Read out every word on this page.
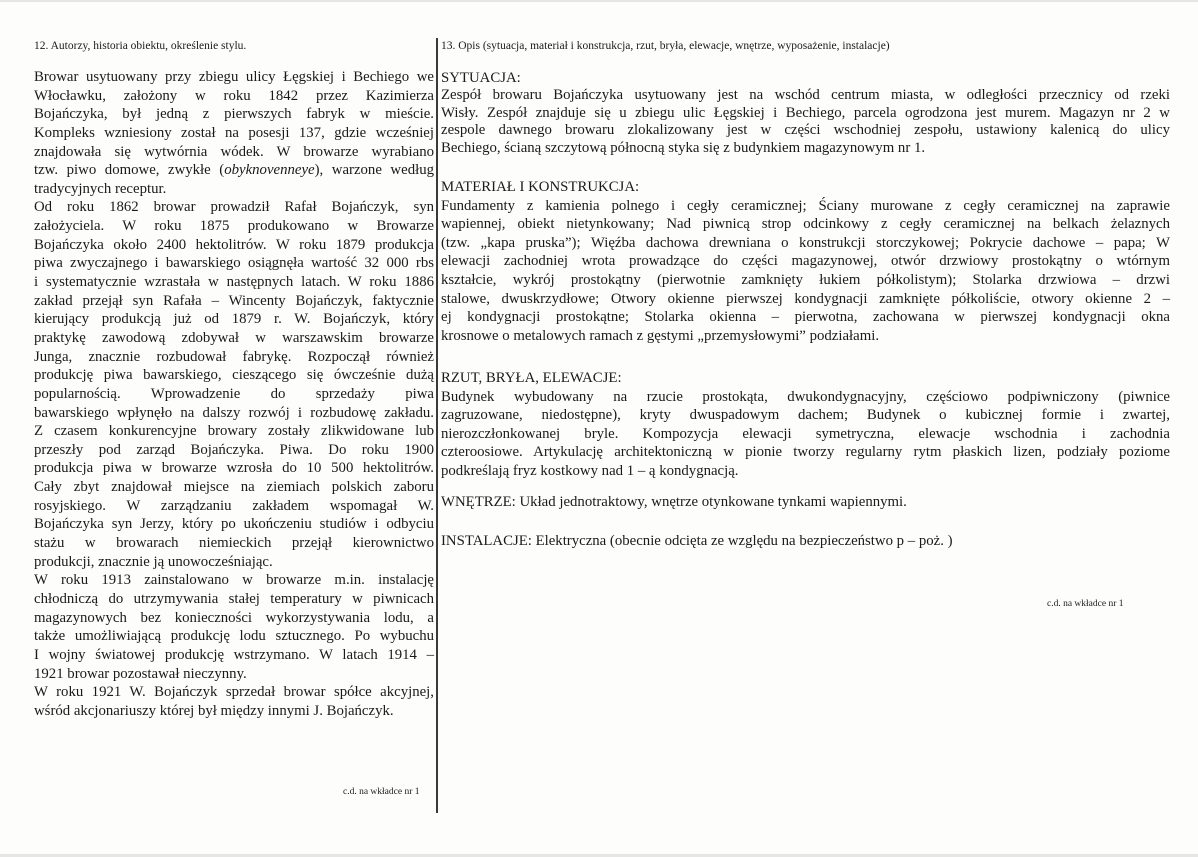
12. Autorzy, historia obiektu, określenie stylu.	13. Opis (sytuacja, materiał i konstrukcja, rzut, bryła, elewacje, wnętrze, wyposażenie, instalacje)
Browar usytuowany przy zbiegu ulicy Łęgskiej i Bechiego we
Włocławku, założony w roku 1842 przez Kazimierza
Bojańczyka, był jedną z pierwszych fabryk w mieście.
Kompleks wzniesiony został na posesji 137, gdzie wcześniej
znajdowała się wytwórnia wódek. W browarze wyrabiano
tzw. piwo domowe, zwykłe (obyknovenneye), warzone według
tradycyjnych receptur.
Od roku 1862 browar prowadził Rafał Bojańczyk, syn
założyciela. W roku 1875 produkowano w Browarze
Bojańczyka około 2400 hektolitrów. W roku 1879 produkcja
piwa zwyczajnego i bawarskiego osiągnęła wartość 32 000 rbs
i systematycznie wzrastała w następnych latach. W roku 1886
zakład przejął syn Rafała – Wincenty Bojańczyk, faktycznie
kierujący produkcją już od 1879 r. W. Bojańczyk, który
praktykę zawodową zdobywał w warszawskim browarze
Junga, znacznie rozbudował fabrykę. Rozpoczął również
produkcję piwa bawarskiego, cieszącego się ówcześnie dużą
popularnością. Wprowadzenie do sprzedaży piwa
bawarskiego wpłynęło na dalszy rozwój i rozbudowę zakładu.
Z czasem konkurencyjne browary zostały zlikwidowane lub
przeszły pod zarząd Bojańczyka. Piwa. Do roku 1900
produkcja piwa w browarze wzrosła do 10 500 hektolitrów.
Cały zbyt znajdował miejsce na ziemiach polskich zaboru
rosyjskiego. W zarządzaniu zakładem wspomagał W.
Bojańczyka syn Jerzy, który po ukończeniu studiów i odbyciu
stażu w browarach niemieckich przejął kierownictwo
produkcji, znacznie ją unowocześniając.
W roku 1913 zainstalowano w browarze m.in. instalację
chłodniczą do utrzymywania stałej temperatury w piwnicach
magazynowych bez konieczności wykorzystywania lodu, a
także umożliwiającą produkcję lodu sztucznego. Po wybuchu
I wojny światowej produkcję wstrzymano. W latach 1914 –
1921 browar pozostawał nieczynny.
W roku 1921 W. Bojańczyk sprzedał browar spółce akcyjnej,
wśród akcjonariuszy której był między innymi J. Bojańczyk.
SYTUACJA:
Zespół browaru Bojańczyka usytuowany jest na wschód centrum miasta, w odległości przecznicy od rzeki
Wisły. Zespół znajduje się u zbiegu ulic Łęgskiej i Bechiego, parcela ogrodzona jest murem. Magazyn nr 2 w
zespole dawnego browaru zlokalizowany jest w części wschodniej zespołu, ustawiony kalenicą do ulicy
Bechiego, ścianą szczytową północną styka się z budynkiem magazynowym nr 1.
MATERIAŁ I KONSTRUKCJA:
Fundamenty z kamienia polnego i cegły ceramicznej; Ściany murowane z cegły ceramicznej na zaprawie
wapiennej, obiekt nietynkowany; Nad piwnicą strop odcinkowy z cegły ceramicznej na belkach żelaznych
(tzw. „kapa pruska”); Więźba dachowa drewniana o konstrukcji storczykowej; Pokrycie dachowe – papa; W
elewacji zachodniej wrota prowadzące do części magazynowej, otwór drzwiowy prostokątny o wtórnym
kształcie, wykrój prostokątny (pierwotnie zamknięty łukiem półkolistym); Stolarka drzwiowa – drzwi
stalowe, dwuskrzydłowe; Otwory okienne pierwszej kondygnacji zamknięte półkoliście, otwory okienne 2 –
ej kondygnacji prostokątne; Stolarka okienna – pierwotna, zachowana w pierwszej kondygnacji okna
krosnowe o metalowych ramach z gęstymi „przemysłowymi” podziałami.
RZUT, BRYŁA, ELEWACJE:
Budynek wybudowany na rzucie prostokąta, dwukondygnacyjny, częściowo podpiwniczony (piwnice
zagruzowane, niedostępne), kryty dwuspadowym dachem; Budynek o kubicznej formie i zwartej,
nierozczłonkowanej bryle. Kompozycja elewacji symetryczna, elewacje wschodnia i zachodnia
czteroosiowe. Artykulację architektoniczną w pionie tworzy regularny rytm płaskich lizen, podziały poziome
podkreślają fryz kostkowy nad 1 – ą kondygnacją.
WNĘTRZE: Układ jednotraktowy, wnętrze otynkowane tynkami wapiennymi.
INSTALACJE: Elektryczna (obecnie odcięta ze względu na bezpieczeństwo p – poż. )
c.d. na wkładce nr 1
c.d. na wkładce nr 1
